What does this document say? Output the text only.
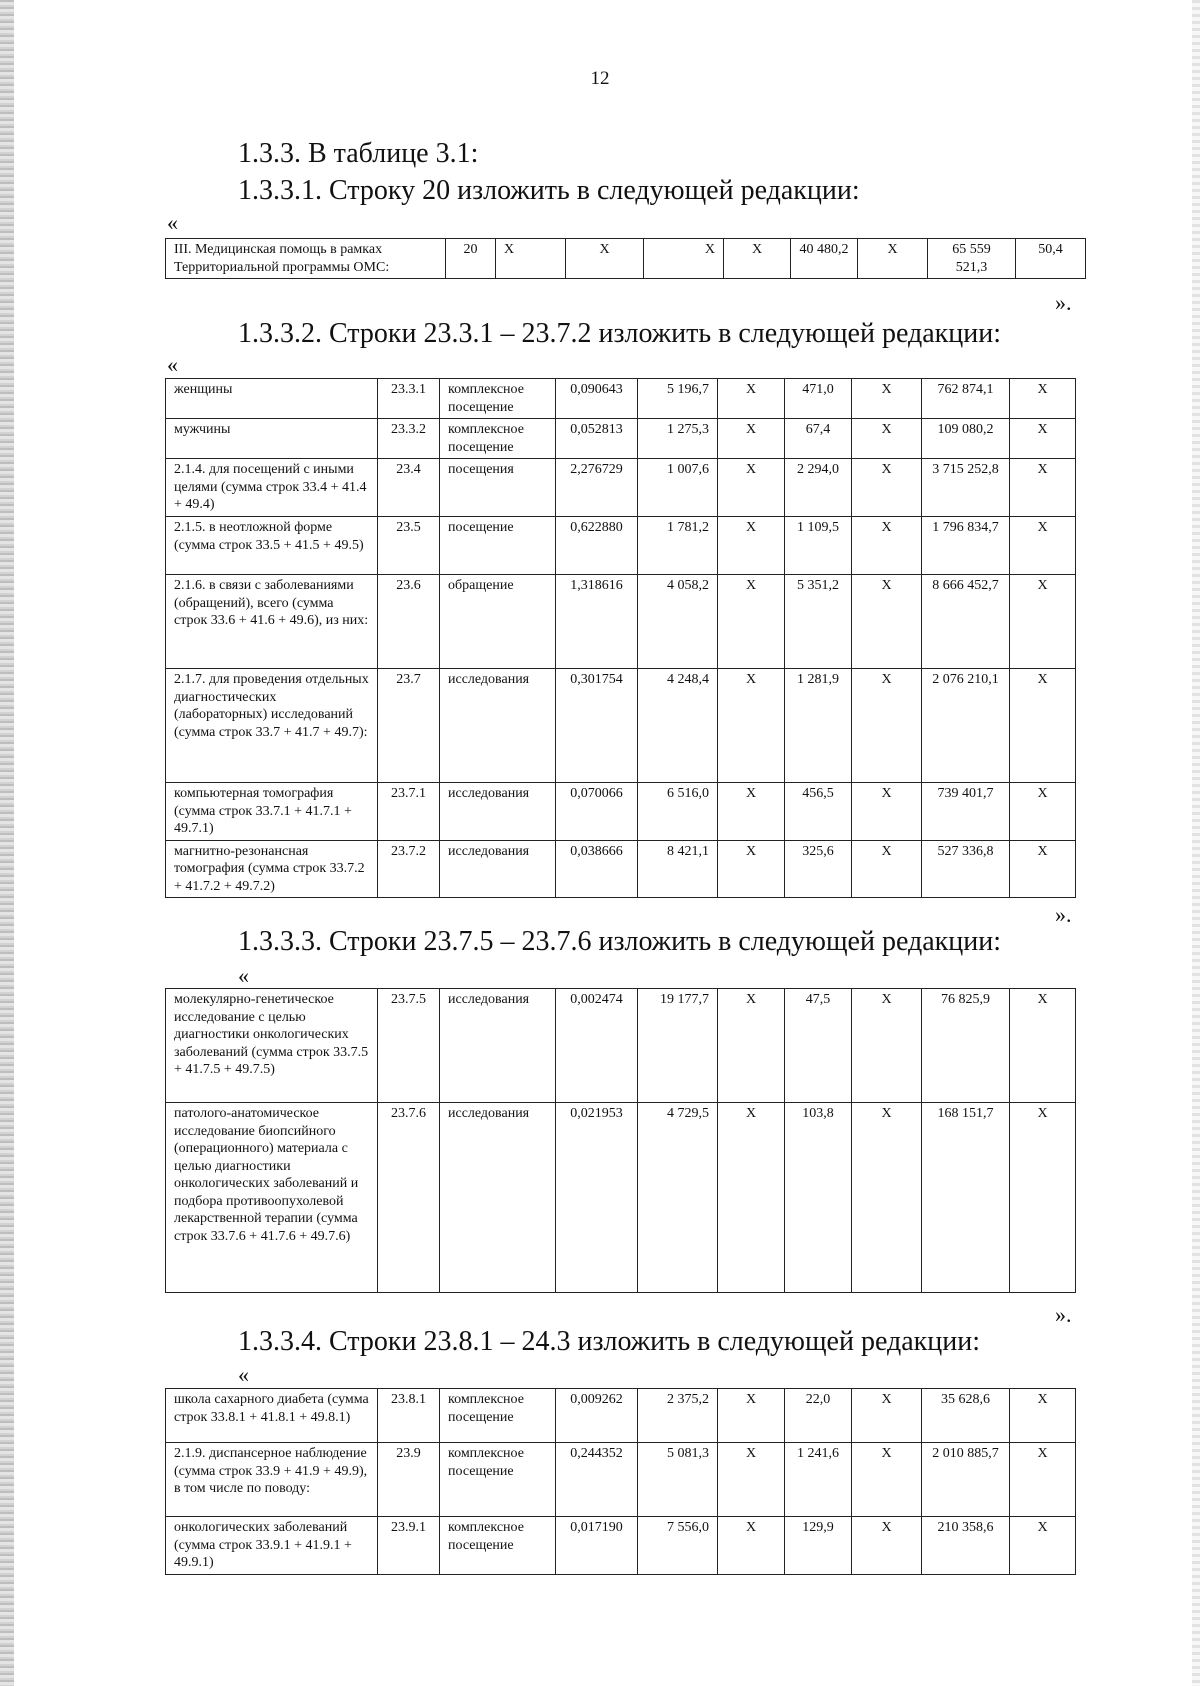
12
1.3.3. В таблице 3.1:
1.3.3.1. Строку 20 изложить в следующей редакции:
«
III. Медицинская помощь в рамках Территориальной программы ОМС:	20	X	X	X	X	40 480,2	X	65 559 521,3	50,4
».
1.3.3.2. Строки 23.3.1 – 23.7.2 изложить в следующей редакции:
«
женщины	23.3.1	комплексное посещение	0,090643	5 196,7	X	471,0	X	762 874,1	X
мужчины	23.3.2	комплексное посещение	0,052813	1 275,3	X	67,4	X	109 080,2	X
2.1.4. для посещений с иными целями (сумма строк 33.4 + 41.4 + 49.4)	23.4	посещения	2,276729	1 007,6	X	2 294,0	X	3 715 252,8	X
2.1.5. в неотложной форме (сумма строк 33.5 + 41.5 + 49.5)	23.5	посещение	0,622880	1 781,2	X	1 109,5	X	1 796 834,7	X
2.1.6. в связи с заболеваниями (обращений), всего (сумма строк 33.6 + 41.6 + 49.6), из них:	23.6	обращение	1,318616	4 058,2	X	5 351,2	X	8 666 452,7	X
2.1.7. для проведения отдельных диагностических (лабораторных) исследований (сумма строк 33.7 + 41.7 + 49.7):	23.7	исследования	0,301754	4 248,4	X	1 281,9	X	2 076 210,1	X
компьютерная томография (сумма строк 33.7.1 + 41.7.1 + 49.7.1)	23.7.1	исследования	0,070066	6 516,0	X	456,5	X	739 401,7	X
магнитно-резонансная томография (сумма строк 33.7.2 + 41.7.2 + 49.7.2)	23.7.2	исследования	0,038666	8 421,1	X	325,6	X	527 336,8	X
».
1.3.3.3. Строки 23.7.5 – 23.7.6 изложить в следующей редакции:
«
молекулярно-генетическое исследование с целью диагностики онкологических заболеваний (сумма строк 33.7.5 + 41.7.5 + 49.7.5)	23.7.5	исследования	0,002474	19 177,7	X	47,5	X	76 825,9	X
патолого-анатомическое исследование биопсийного (операционного) материала с целью диагностики онкологических заболеваний и подбора противоопухолевой лекарственной терапии (сумма строк 33.7.6 + 41.7.6 + 49.7.6)	23.7.6	исследования	0,021953	4 729,5	X	103,8	X	168 151,7	X
».
1.3.3.4. Строки 23.8.1 – 24.3 изложить в следующей редакции:
«
школа сахарного диабета (сумма строк 33.8.1 + 41.8.1 + 49.8.1)	23.8.1	комплексное посещение	0,009262	2 375,2	X	22,0	X	35 628,6	X
2.1.9. диспансерное наблюдение (сумма строк 33.9 + 41.9 + 49.9), в том числе по поводу:	23.9	комплексное посещение	0,244352	5 081,3	X	1 241,6	X	2 010 885,7	X
онкологических заболеваний (сумма строк 33.9.1 + 41.9.1 + 49.9.1)	23.9.1	комплексное посещение	0,017190	7 556,0	X	129,9	X	210 358,6	X
